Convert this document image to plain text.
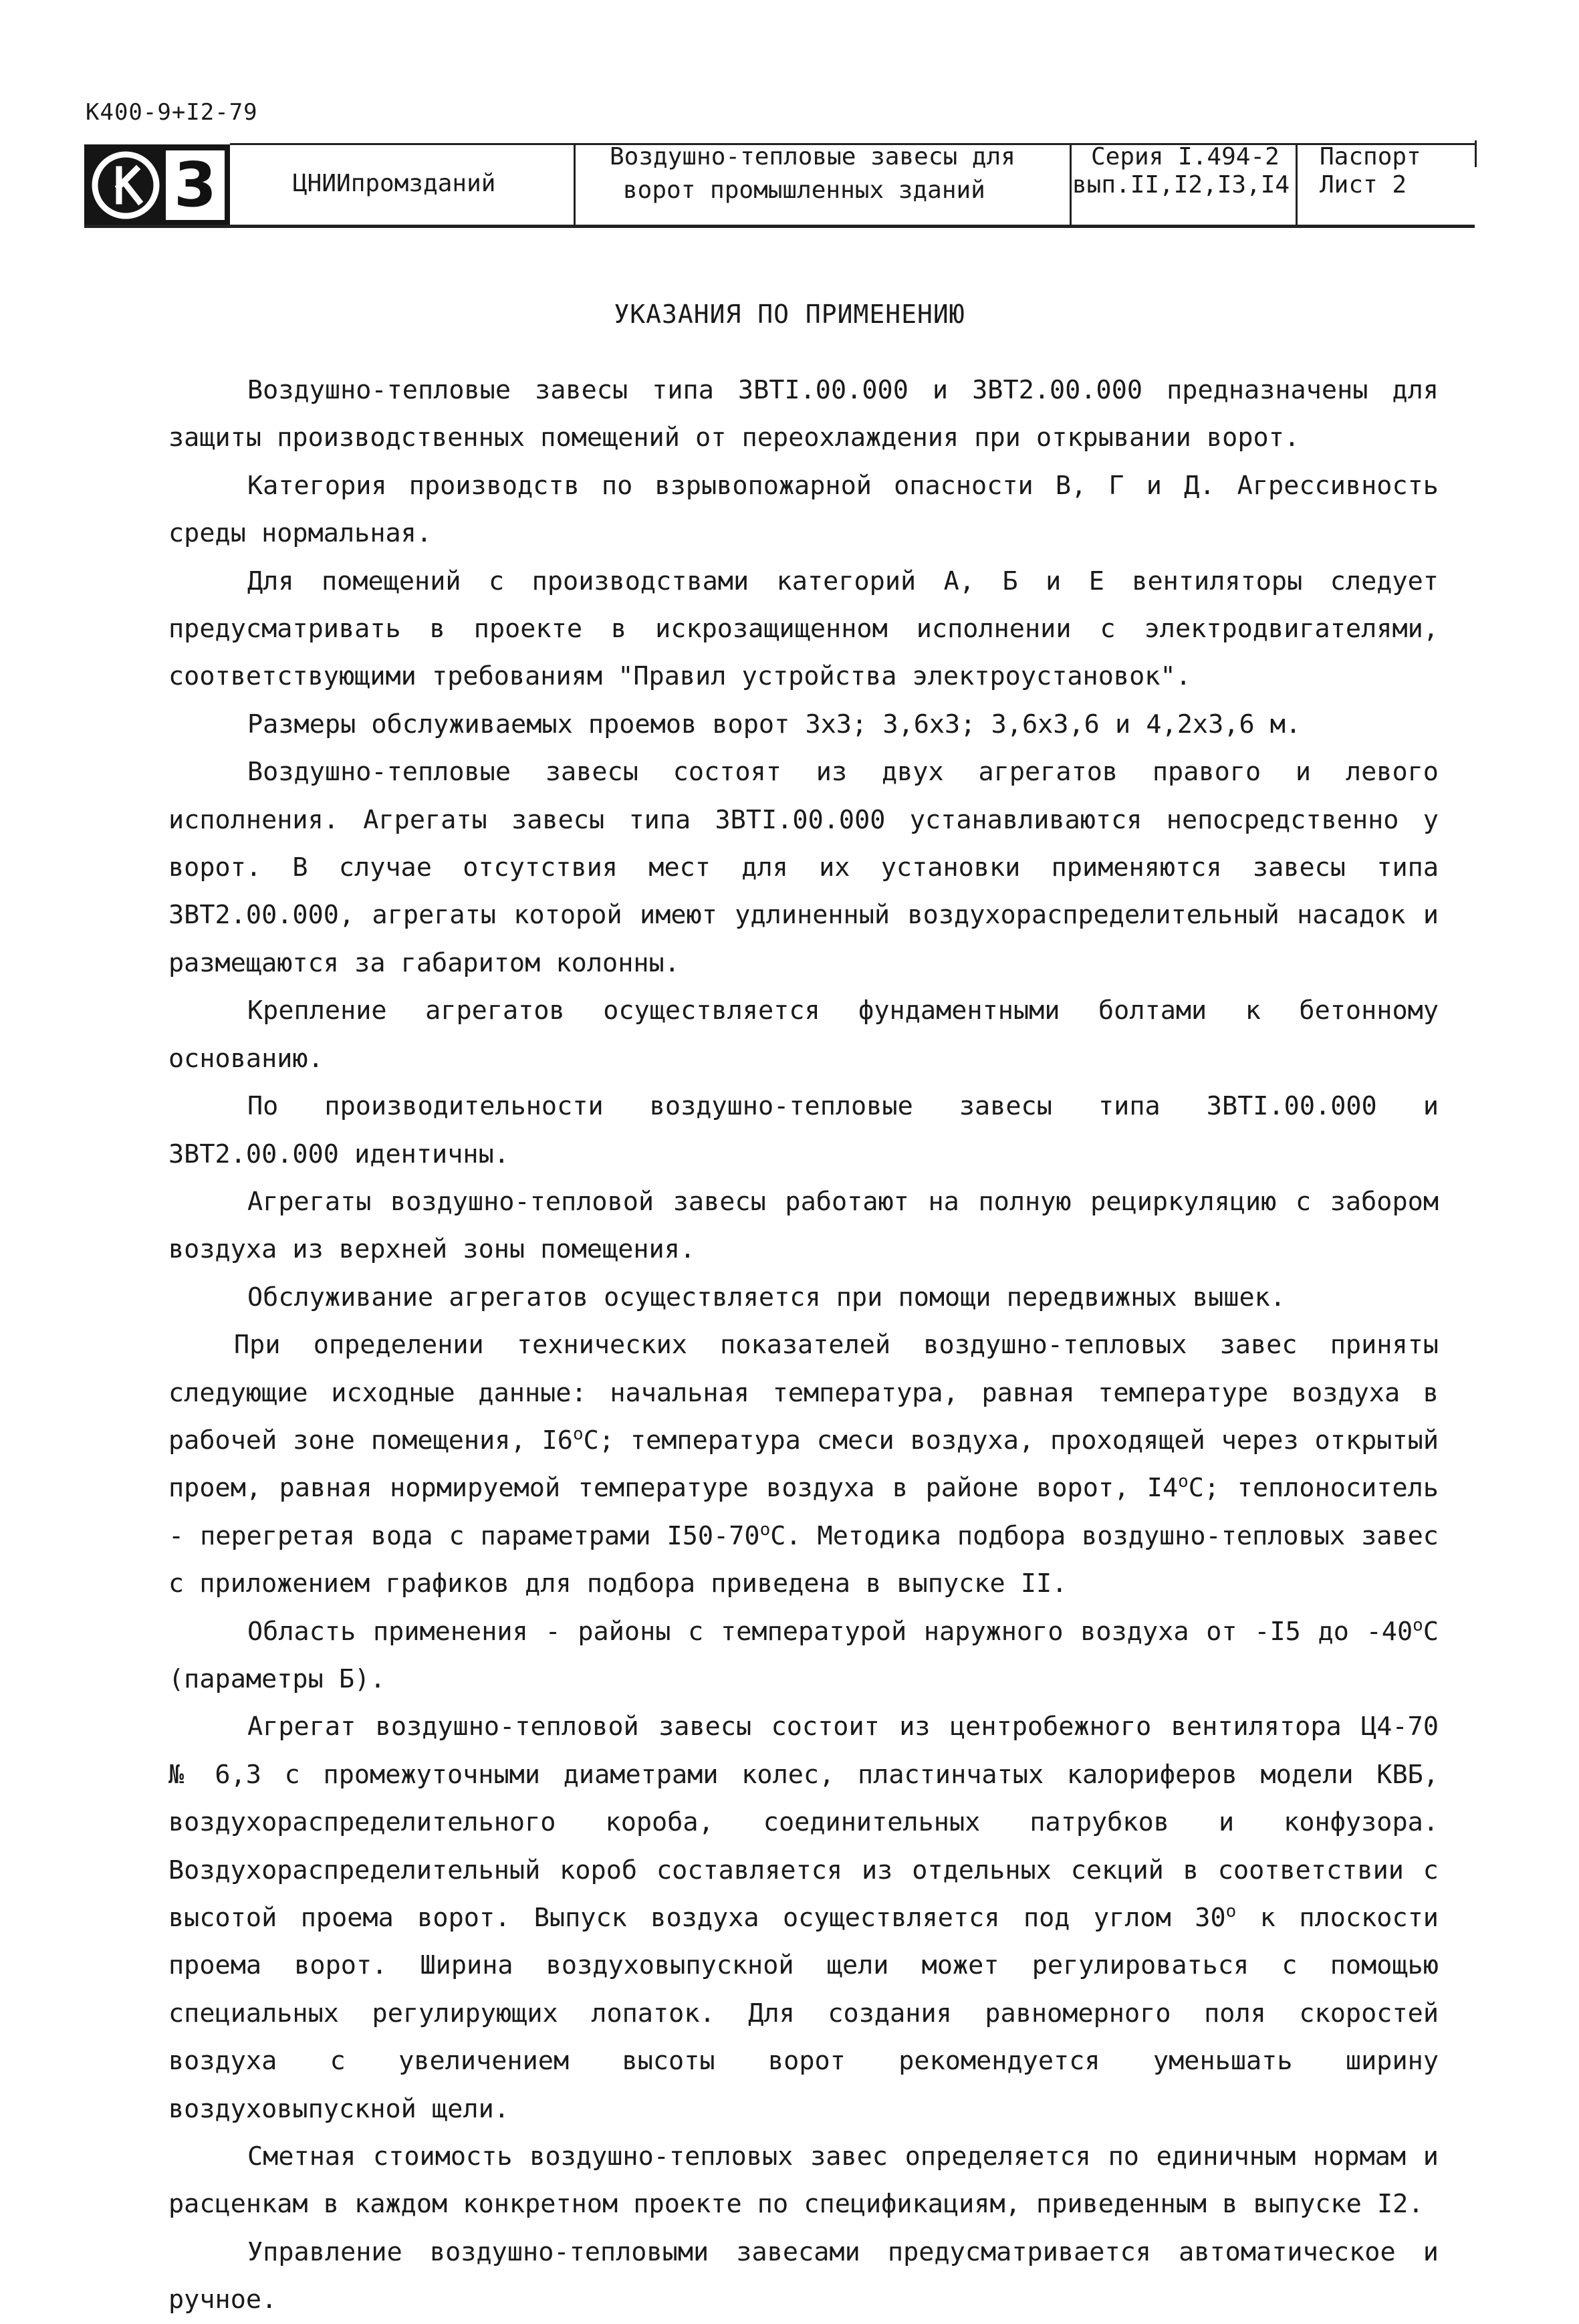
К400-9+I2-79
3	ЦНИИпромзданий
Воздушно-тепловые завесы для
ворот промышленных зданий
Серия I.494-2
вып.II,I2,I3,I4
Паспорт
Лист 2
УКАЗАНИЯ ПО ПРИМЕНЕНИЮ

Воздушно-тепловые завесы типа ЗВТI.00.000 и ЗВТ2.00.000 предназначены для защиты производственных помещений от переохлаждения при открывании ворот.

Категория производств по взрывопожарной опасности В, Г и Д. Агрессивность среды нормальная.

Для помещений с производствами категорий А, Б и Е вентиляторы следует предусматривать в проекте в искрозащищенном исполнении с электродвигателями, соответствующими требованиям "Правил устройства электроустановок".

Размеры обслуживаемых проемов ворот 3х3; 3,6х3; 3,6х3,6 и 4,2х3,6 м.

Воздушно-тепловые завесы состоят из двух агрегатов правого и левого исполнения. Агрегаты завесы типа ЗВТI.00.000 устанавливаются непосредственно у ворот. В случае отсутствия мест для их установки применяются завесы типа ЗВТ2.00.000, агрегаты которой имеют удлиненный воздухораспределительный насадок и размещаются за габаритом колонны.

Крепление агрегатов осуществляется фундаментными болтами к бетонному основанию.

По производительности воздушно-тепловые завесы типа ЗВТI.00.000 и ЗВТ2.00.000 идентичны.

Агрегаты воздушно-тепловой завесы работают на полную рециркуляцию с забором воздуха из верхней зоны помещения.

Обслуживание агрегатов осуществляется при помощи передвижных вышек.

При определении технических показателей воздушно-тепловых завес приняты следующие исходные данные: начальная температура, равная температуре воздуха в рабочей зоне помещения, $I6^оС$; температура смеси воздуха, проходящей через открытый проем, равная нормируемой температуре воздуха в районе ворот, $I4^оС$; теплоноситель - перегретая вода с параметрами $I50-70^оС$. Методика подбора воздушно-тепловых завес с приложением графиков для подбора приведена в выпуске II.

Область применения - районы с температурой наружного воздуха от -I5 до $-40^оС$ (параметры Б).

Агрегат воздушно-тепловой завесы состоит из центробежного вентилятора Ц4-70 № 6,3 с промежуточными диаметрами колес, пластинчатых калориферов модели КВБ, воздухораспределительного короба, соединительных патрубков и конфузора. Воздухораспределительный короб составляется из отдельных секций в соответствии с высотой проема ворот. Выпуск воздуха осуществляется под углом $30^о$ к плоскости проема ворот. Ширина воздуховыпускной щели может регулироваться с помощью специальных регулирующих лопаток. Для создания равномерного поля скоростей воздуха с увеличением высоты ворот рекомендуется уменьшать ширину воздуховыпускной щели.

Сметная стоимость воздушно-тепловых завес определяется по единичным нормам и расценкам в каждом конкретном проекте по спецификациям, приведенным в выпуске I2.

Управление воздушно-тепловыми завесами предусматривается автоматическое и ручное.
